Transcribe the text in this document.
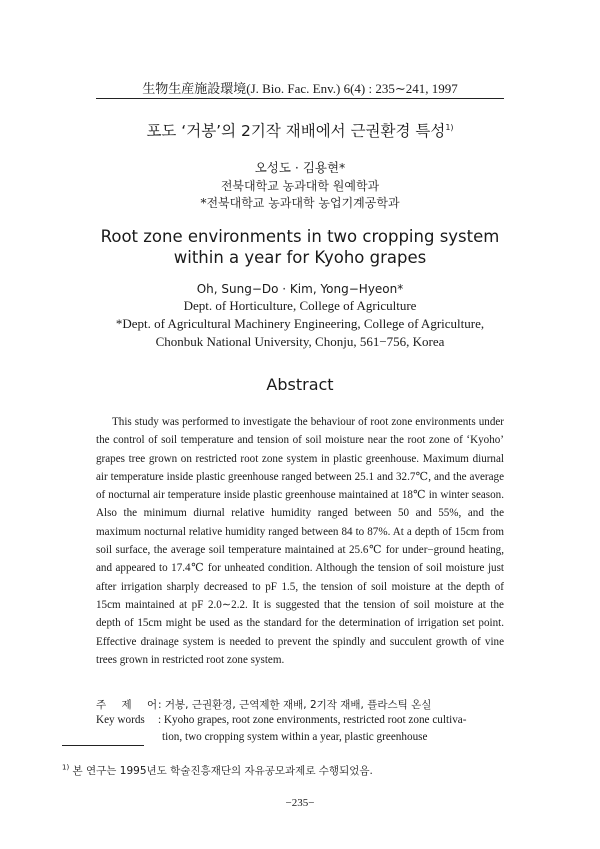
生物生産施設環境(J. Bio. Fac. Env.) 6(4) : 235∼241, 1997
포도 ‘거봉’의 2기작 재배에서 근권환경 특성$^{1)}$
오성도 · 김용현*
전북대학교 농과대학 원예학과
*전북대학교 농과대학 농업기계공학과
Root zone environments in two cropping system
within a year for Kyoho grapes
Oh, Sung−Do · Kim, Yong−Hyeon*
Dept. of Horticulture, College of Agriculture
*Dept. of Agricultural Machinery Engineering, College of Agriculture,
Chonbuk National University, Chonju, 561−756, Korea
Abstract

This study was performed to investigate the behaviour of root zone environments under the control of soil temperature and tension of soil moisture near the root zone of ‘Kyoho’ grapes tree grown on restricted root zone system in plastic greenhouse. Maximum diurnal air temperature inside plastic greenhouse ranged between 25.1 and 32.7℃, and the average of nocturnal air temperature inside plastic greenhouse maintained at 18℃ in winter season. Also the minimum diurnal relative humidity ranged between 50 and 55%, and the maximum nocturnal relative humidity ranged between 84 to 87%. At a depth of 15cm from soil surface, the average soil temperature maintained at 25.6℃ for under−ground heating, and appeared to 17.4℃ for unheated condition. Although the tension of soil moisture just after irrigation sharply decreased to pF 1.5, the tension of soil moisture at the depth of 15cm maintained at pF 2.0∼2.2. It is suggested that the tension of soil moisture at the depth of 15cm might be used as the standard for the determination of irrigation set point. Effective drainage system is needed to prevent the spindly and succulent growth of vine trees grown in restricted root zone system.

주 제 어: 거봉, 근권환경, 근역제한 재배, 2기작 재배, 플라스틱 온실
Key words : Kyoho grapes, root zone environments, restricted root zone cultiva-
tion, two cropping system within a year, plastic greenhouse
$^{1)}$ 본 연구는 1995년도 학술진흥재단의 자유공모과제로 수행되었음.
−235−
